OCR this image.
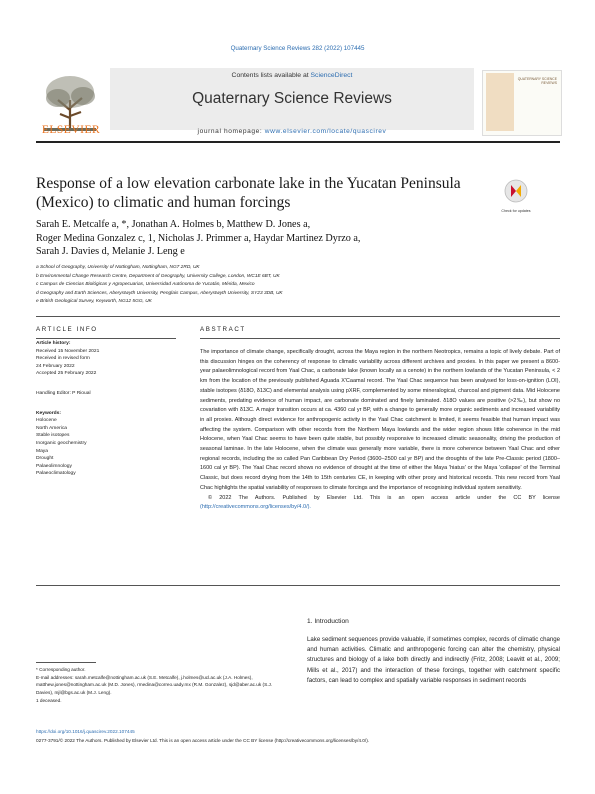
Quaternary Science Reviews 282 (2022) 107445
Contents lists available at ScienceDirect
Quaternary Science Reviews
journal homepage: www.elsevier.com/locate/quascirev
ELSEVIER
QUATERNARY SCIENCE REVIEWS
Response of a low elevation carbonate lake in the Yucatan Peninsula (Mexico) to climatic and human forcings	Check for updates
Sarah E. Metcalfe a, *, Jonathan A. Holmes b, Matthew D. Jones a,
Roger Medina Gonzalez c, 1, Nicholas J. Primmer a, Haydar Martinez Dyrzo a,
Sarah J. Davies d, Melanie J. Leng e
a School of Geography, University of Nottingham, Nottingham, NG7 2RD, UK
b Environmental Change Research Centre, Department of Geography, University College, London, WC1E 6BT, UK
c Campus de Ciencias Biológicas y Agropecuarias, Universidad Autónoma de Yucatán, Mérida, Mexico
d Geography and Earth Sciences, Aberystwyth University, Penglais Campus, Aberystwyth University, SY23 3DB, UK
e British Geological Survey, Keyworth, NG12 5GG, UK
ARTICLE INFO
Article history:
Received 15 November 2021
Received in revised form
24 February 2022
Accepted 25 February 2022
Handling Editor: P Rioual
Keywords:
Holocene
North America
Stable isotopes
Inorganic geochemistry
Maya
Drought
Palaeolimnology
Palaeoclimatology
ABSTRACT

The importance of climate change, specifically drought, across the Maya region in the northern Neotropics, remains a topic of lively debate. Part of this discussion hinges on the coherency of response to climatic variability across different archives and proxies. In this paper we present a 8600-year palaeolimnological record from Yaal Chac, a carbonate lake (known locally as a cenote) in the northern lowlands of the Yucatan Peninsula, < 2 km from the location of the previously published Aguada X'Caamal record. The Yaal Chac sequence has been analysed for loss-on-ignition (LOI), stable isotopes (δ18O, δ13C) and elemental analysis using pXRF, complemented by some mineralogical, charcoal and pigment data. Mid Holocene sediments, predating evidence of human impact, are carbonate dominated and finely laminated. δ18O values are positive (>2‰), but show no covariation with δ13C. A major transition occurs at ca. 4360 cal yr BP, with a change to generally more organic sediments and increased variability in all proxies. Although direct evidence for anthropogenic activity in the Yaal Chac catchment is limited, it seems feasible that human impact was affecting the system. Comparison with other records from the Northern Maya lowlands and the wider region shows little coherence in the mid Holocene, when Yaal Chac seems to have been quite stable, but possibly responsive to increased climatic seasonality, driving the production of seasonal laminae. In the late Holocene, when the climate was generally more variable, there is more coherence between Yaal Chac and other regional records, including the so called Pan Caribbean Dry Period (3600–2500 cal yr BP) and the droughts of the late Pre-Classic period (1800–1600 cal yr BP). The Yaal Chac record shows no evidence of drought at the time of either the Maya 'hiatus' or the Maya 'collapse' of the Terminal Classic, but does record drying from the 14th to 15th centuries CE, in keeping with other proxy and historical records. This new record from Yaal Chac highlights the spatial variability of responses to climate forcings and the importance of recognising individual system sensitivity.

© 2022 The Authors. Published by Elsevier Ltd. This is an open access article under the CC BY license (http://creativecommons.org/licenses/by/4.0/).

1. Introduction
Lake sediment sequences provide valuable, if sometimes complex, records of climatic change and human activities. Climatic and anthropogenic forcing can alter the chemistry, physical structures and biology of a lake both directly and indirectly (Fritz, 2008; Leavitt et al., 2009; Mills et al., 2017) and the interaction of these forcings, together with catchment specific factors, can lead to complex and spatially variable responses in sediment records
* Corresponding author.
E-mail addresses: sarah.metcalfe@nottingham.ac.uk (S.E. Metcalfe), j.holmes@ucl.ac.uk (J.A. Holmes), matthew.jones@nottingham.ac.uk (M.D. Jones), rmedina@correo.uady.mx (R.M. Gonzalez), sjd@aber.ac.uk (S.J. Davies), mjl@bgs.ac.uk (M.J. Leng).
1 deceased.
https://doi.org/10.1016/j.quascirev.2022.107445
0277-3791/© 2022 The Authors. Published by Elsevier Ltd. This is an open access article under the CC BY license (http://creativecommons.org/licenses/by/4.0/).
